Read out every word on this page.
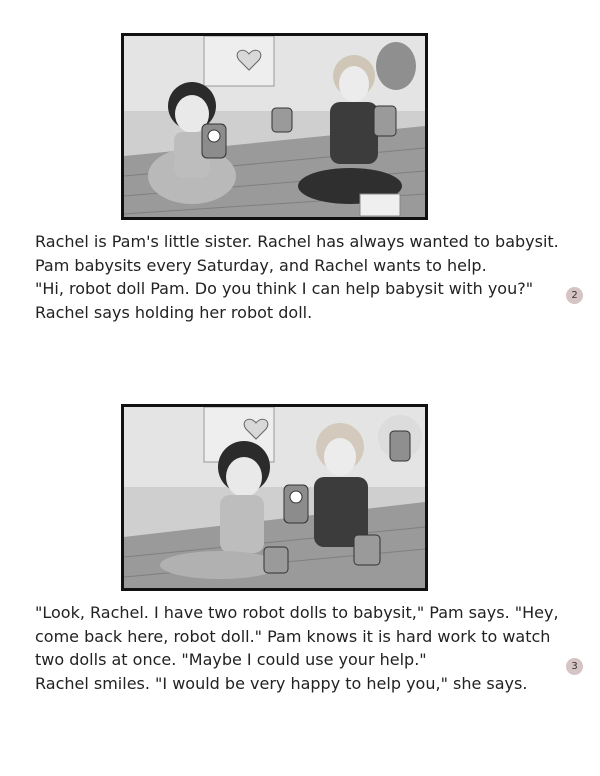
Rachel is Pam's little sister. Rachel has always wanted to babysit.

Pam babysits every Saturday, and Rachel wants to help.

"Hi, robot doll Pam. Do you think I can help babysit with you?"

Rachel says holding her robot doll.

2

"Look, Rachel. I have two robot dolls to babysit," Pam says. "Hey,

come back here, robot doll." Pam knows it is hard work to watch

two dolls at once. "Maybe I could use your help."

Rachel smiles. "I would be very happy to help you," she says.

3
